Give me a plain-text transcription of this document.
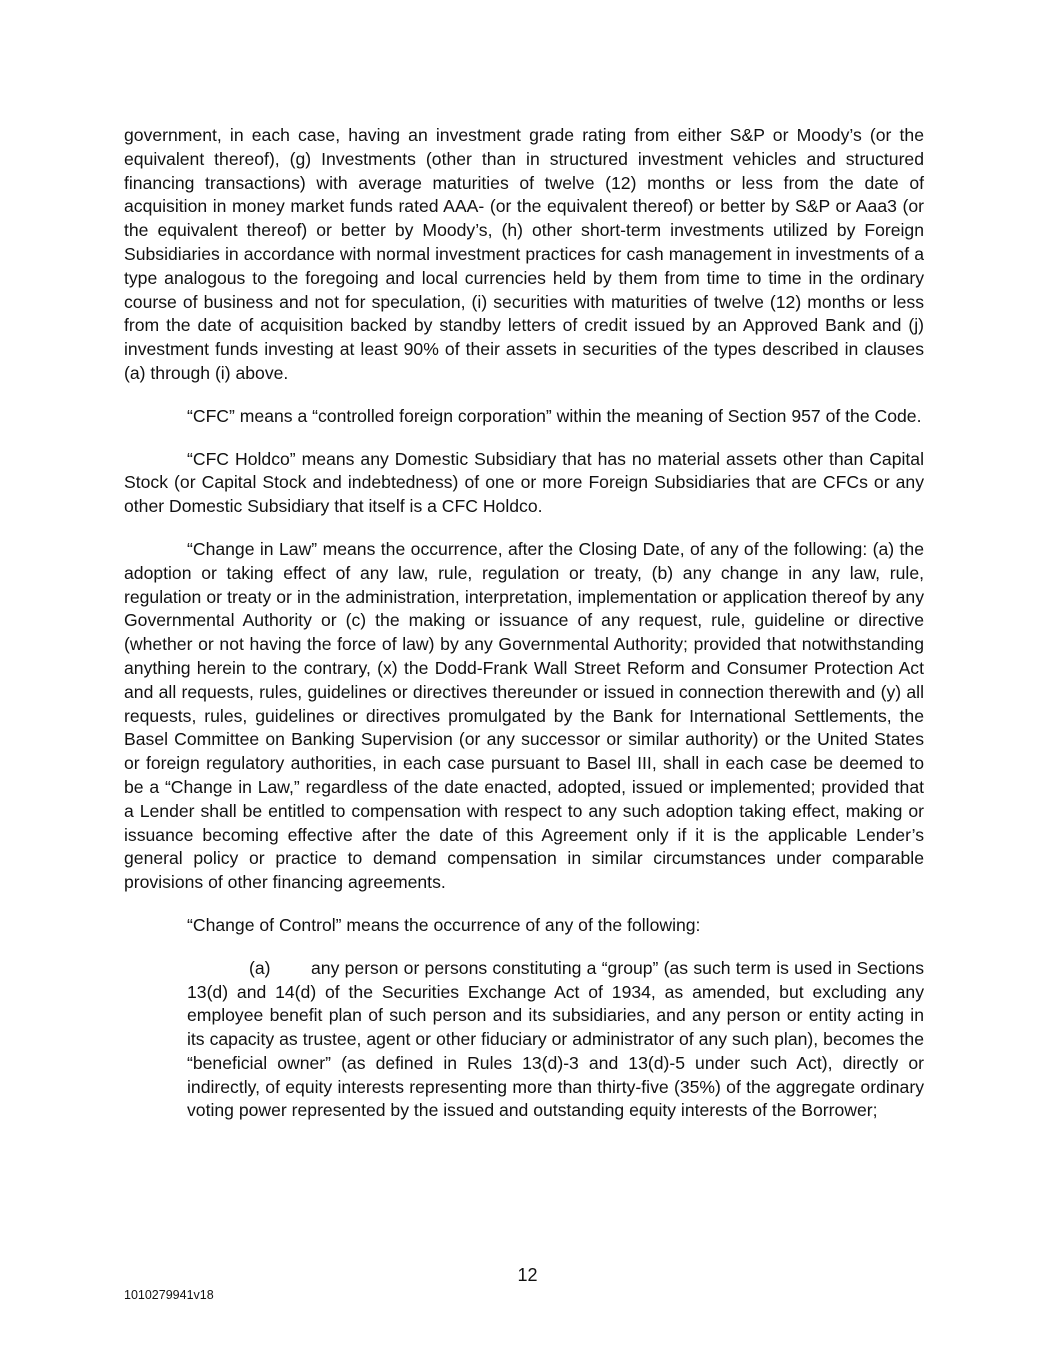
government, in each case, having an investment grade rating from either S&P or Moody’s (or the equivalent thereof), (g) Investments (other than in structured investment vehicles and structured financing transactions) with average maturities of twelve (12) months or less from the date of acquisition in money market funds rated AAA- (or the equivalent thereof) or better by S&P or Aaa3 (or the equivalent thereof) or better by Moody’s, (h) other short-term investments utilized by Foreign Subsidiaries in accordance with normal investment practices for cash management in investments of a type analogous to the foregoing and local currencies held by them from time to time in the ordinary course of business and not for speculation, (i) securities with maturities of twelve (12) months or less from the date of acquisition backed by standby letters of credit issued by an Approved Bank and (j) investment funds investing at least 90% of their assets in securities of the types described in clauses (a) through (i) above.

“CFC” means a “controlled foreign corporation” within the meaning of Section 957 of the Code.

“CFC Holdco” means any Domestic Subsidiary that has no material assets other than Capital Stock (or Capital Stock and indebtedness) of one or more Foreign Subsidiaries that are CFCs or any other Domestic Subsidiary that itself is a CFC Holdco.

“Change in Law” means the occurrence, after the Closing Date, of any of the following: (a) the adoption or taking effect of any law, rule, regulation or treaty, (b) any change in any law, rule, regulation or treaty or in the administration, interpretation, implementation or application thereof by any Governmental Authority or (c) the making or issuance of any request, rule, guideline or directive (whether or not having the force of law) by any Governmental Authority; provided that notwithstanding anything herein to the contrary, (x) the Dodd-Frank Wall Street Reform and Consumer Protection Act and all requests, rules, guidelines or directives thereunder or issued in connection therewith and (y) all requests, rules, guidelines or directives promulgated by the Bank for International Settlements, the Basel Committee on Banking Supervision (or any successor or similar authority) or the United States or foreign regulatory authorities, in each case pursuant to Basel III, shall in each case be deemed to be a “Change in Law,” regardless of the date enacted, adopted, issued or implemented; provided that a Lender shall be entitled to compensation with respect to any such adoption taking effect, making or issuance becoming effective after the date of this Agreement only if it is the applicable Lender’s general policy or practice to demand compensation in similar circumstances under comparable provisions of other financing agreements.

“Change of Control” means the occurrence of any of the following:

(a) any person or persons constituting a “group” (as such term is used in Sections 13(d) and 14(d) of the Securities Exchange Act of 1934, as amended, but excluding any employee benefit plan of such person and its subsidiaries, and any person or entity acting in its capacity as trustee, agent or other fiduciary or administrator of any such plan), becomes the “beneficial owner” (as defined in Rules 13(d)-3 and 13(d)-5 under such Act), directly or indirectly, of equity interests representing more than thirty-five (35%) of the aggregate ordinary voting power represented by the issued and outstanding equity interests of the Borrower;

12
1010279941v18
